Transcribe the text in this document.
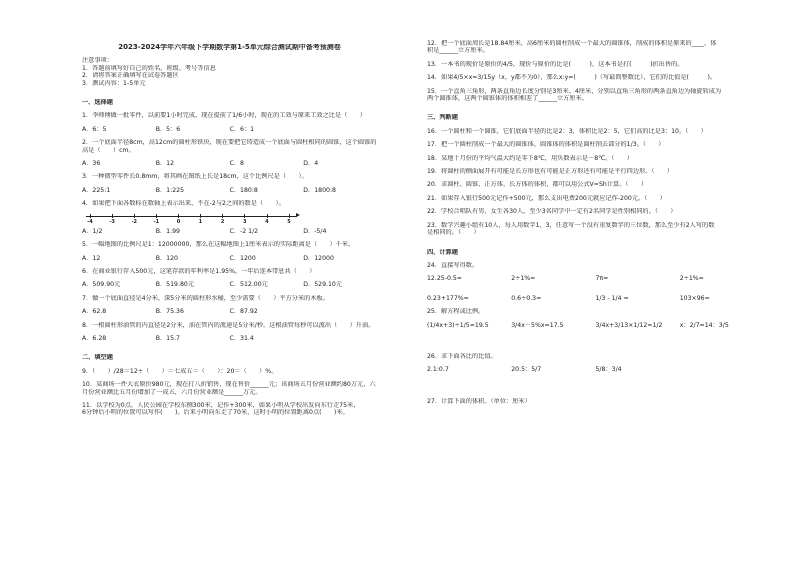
2023-2024学年六年级下学期数学第1-5单元综合测试期中备考预测卷
注意事项：
1．答题前填写好自己的姓名、班级、考号等信息
2．请将答案正确填写在试卷答题区
3．测试内容：1-5单元
一、选择题
1．李师傅做一批零件，以前要1小时完成，现在提前了1/6小时，现在的工效与原来工效之比是（　　）
A．6：5	B．5：6	C．6：1
2．一个底面半径8cm，高12cm的圆柱形铁块，现在要把它铸造成一个底面与圆柱相同的圆锥，这个圆锥的
高是（　　）cm。
A．36	B．12	C．8	D．4
3．一种微型零件长0.8mm，将其画在图纸上长是18cm，这个比例尺是（　　）。
A．225:1	B．1:225	C．180:8	D．1800:8
4．如果把下面各数标在数轴上表示出来，不在-2与2之间的数是（　　）。
-4	-3	-2	-1	0	1	2	3	4	5
A．1/2	B．1.99	C．-2 1/2	D．-5/4
5．一幅地图的比例尺是1：12000000，那么在这幅地图上1厘米表示的实际距离是（　　）千米。
A．12	B．120	C．1200	D．12000
6．在商业银行存入500元，这笔存款的年利率是1.95%，一年后连本带息共（　　）
A．509.90元	B．519.80元	C．512.00元	D．529.10元
7．做一个底面直径是4分米，深5分米的圆柱形水桶，至少需要（　　）平方分米的木板。
A．62.8	B．75.36	C．87.92
8．一根圆柱形油管的内直径是2分米，油在管内的流速是5分米/秒，这根油管每秒可以流出（　　）升油。
A．6.28	B．15.7	C．31.4
二、填空题
9．（　　）/28＝12÷（　　）＝七成五＝（　　）：20＝（　　）%。
10．某商场一件大衣原价980元，现在打八折销售，现在售价______元；该商场五月份营业额约80万元，六
月份营业额比五月份增加了一成五，六月份营业额是______万元。
11．以学校为0点，人民公园在学校东侧300米，记作+300米，如果小明从学校出发向东行走75米，
6分钟后小明的位置可以写作(　　)。后来小明向东走了70米，这时小明的位置距离0点(　　)米。
12．把一个底面周长是18.84厘米，高6厘米的圆柱削成一个最大的圆锥体，削成的体积是原来的____，体
积是______立方厘米。
13．一本书的现价是原价的4/5，现价与原价的比是(　　　)，这本书是打(　　　)折出售的。
14．如果4/5×x=3/15y（x，y都不为0），那么x:y=(　　　)（写最简整数比），它们的比值是(　　　)。
15．一个直角三角形，两条直角边长度分别是3厘米、4厘米，分别以直角三角形的两条直角边为轴旋转成为
两个圆锥体，这两个圆锥体的体积相差了______立方厘米。
三、判断题
16．一个圆柱和一个圆锥，它们底面半径的比是2：3，体积比是2：5，它们高的比是3：10。（　　）
17．把一个圆柱削成一个最大的圆锥体，圆锥体的体积是圆柱削去部分的1/3。（　　）
18．某地十月份的平均气温大约是零下8℃，用负数表示是－8℃。（　　）
19．将圆柱的侧面展开有可能是长方形也有可能是正方形还有可能是平行四边形。（　　）
20．求圆柱、圆锥、正方体、长方体的体积，都可以用公式V=Sh计算。（　　）
21．如果存入银行500元记作+500元，那么支出电费200元就应记作-200元。（　　）
22．学校合唱队有男、女生各30人，至少3名同学中一定有2名同学是性别相同的。（　　）
23．数学兴趣小组有10人，每人用数字1、3，任意写一个没有重复数字的三位数，那么至少有2人写的数
是相同的。（　　）
四、计算题
24．直接写得数。
12.25-0.5=	2÷1%=	7π=	2÷1%=
0.23+177%=	0.6÷0.3=	1/3 - 1/4 =	103×96=
25．解方程或比例。
(1/4x+3)÷1/5=19.5	3/4x－5%x=17.5	3/4x+3/13×1/12=1/2	x：2/7=14：3/5
26．求下面各比的比值。
2.1:0.7	20.5：5/7	5/8：3/4
27．计算下面的体积。（单位：厘米）
